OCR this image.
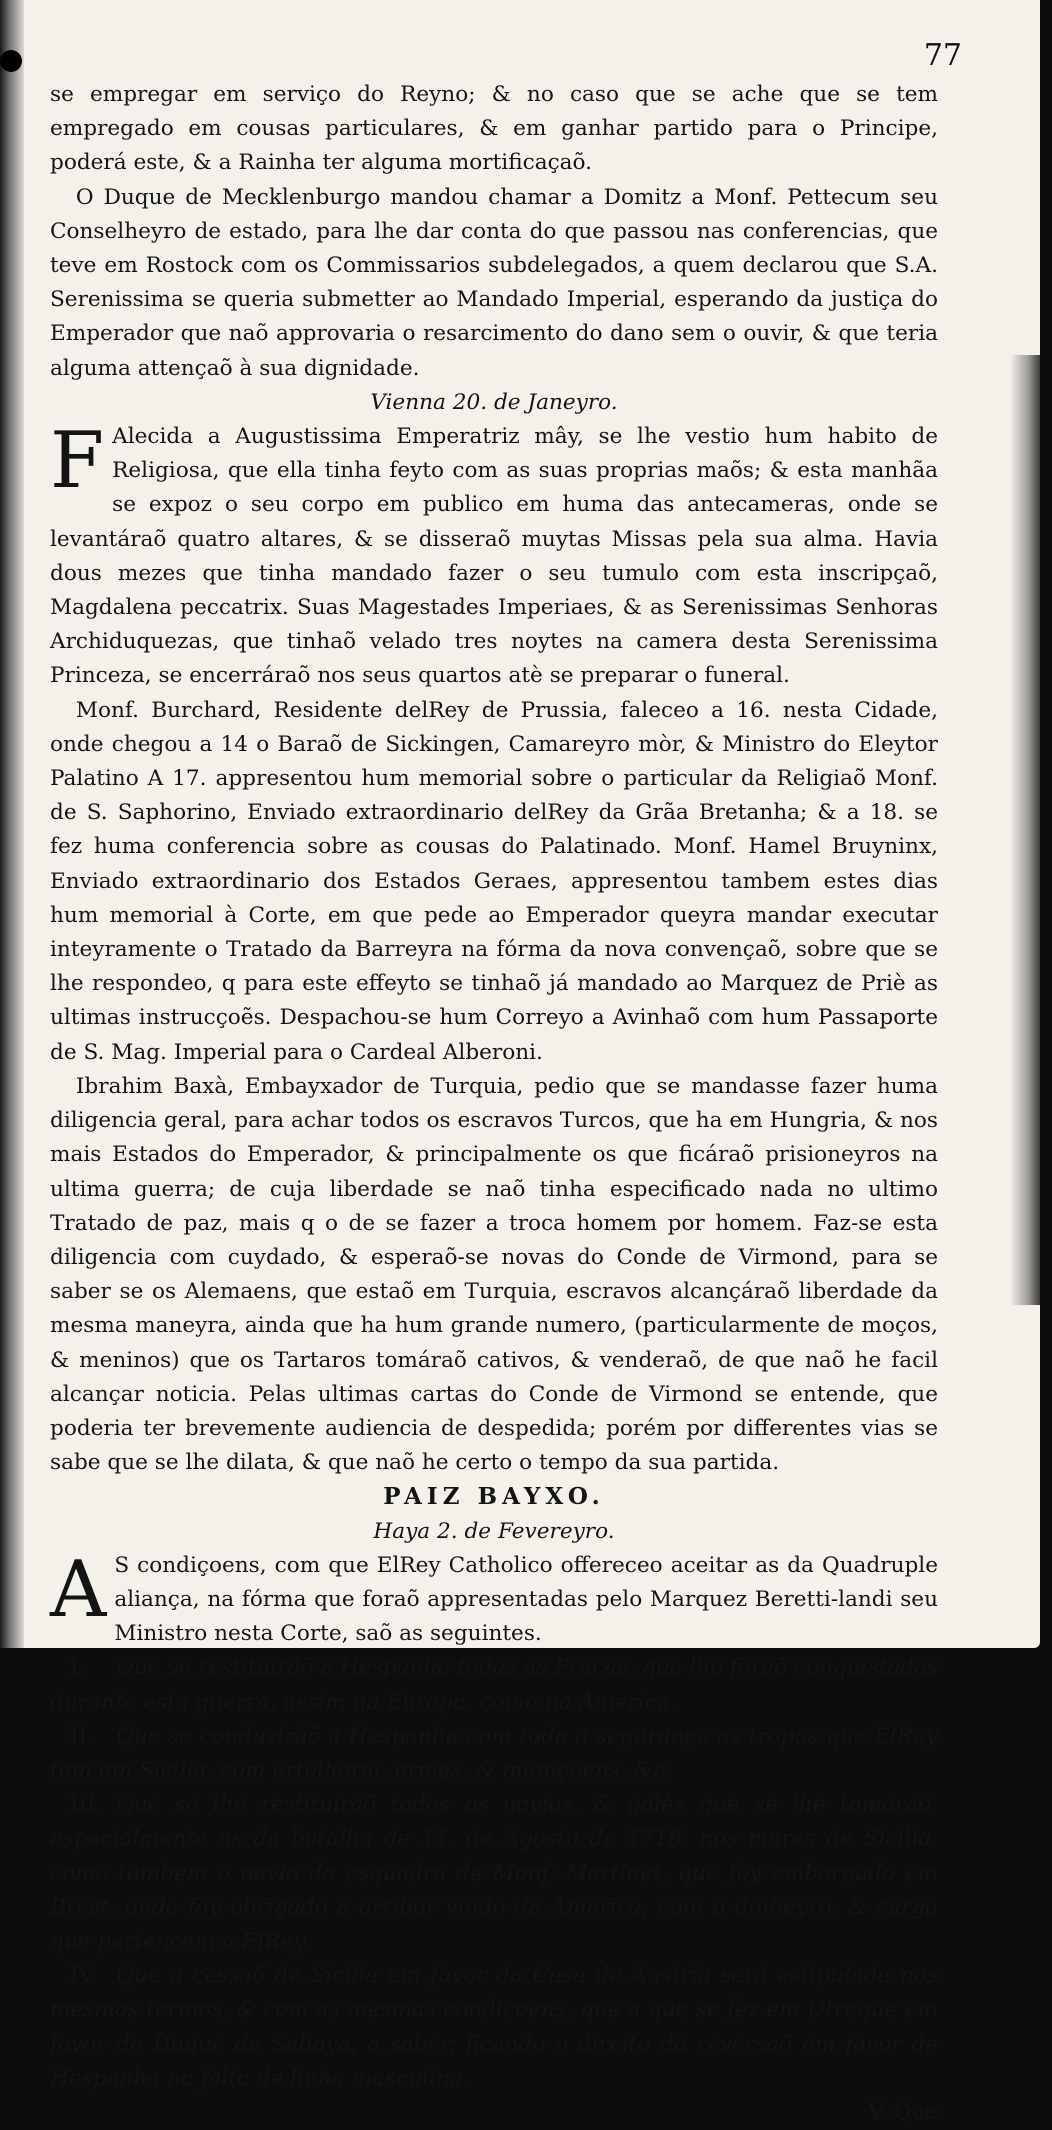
77

se empregar em serviço do Reyno; & no caso que se ache que se tem empregado em cousas particulares, & em ganhar partido para o Principe, poderá este, & a Rainha ter alguma mortificaçaõ.

O Duque de Mecklenburgo mandou chamar a Domitz a Monf. Pettecum seu Conselheyro de estado, para lhe dar conta do que passou nas conferencias, que teve em Rostock com os Commissarios subdelegados, a quem declarou que S.A. Serenissima se queria submetter ao Mandado Imperial, esperando da justiça do Emperador que naõ approvaria o resarcimento do dano sem o ouvir, & que teria alguma attençaõ à sua dignidade.

Vienna 20. de Janeyro.

F Alecida a Augustissima Emperatriz mây, se lhe vestio hum habito de Religiosa, que ella tinha feyto com as suas proprias maõs; & esta manhãa se expoz o seu corpo em publico em huma das antecameras, onde se levantáraõ quatro altares, & se disseraõ muytas Missas pela sua alma. Havia dous mezes que tinha mandado fazer o seu tumulo com esta inscripçaõ, Magdalena peccatrix. Suas Magestades Imperiaes, & as Serenissimas Senhoras Archiduquezas, que tinhaõ velado tres noytes na camera desta Serenissima Princeza, se encerráraõ nos seus quartos atè se preparar o funeral.

Monf. Burchard, Residente delRey de Prussia, faleceo a 16. nesta Cidade, onde chegou a 14 o Baraõ de Sickingen, Camareyro mòr, & Ministro do Eleytor Palatino A 17. appresentou hum memorial sobre o particular da Religiaõ Monf. de S. Saphorino, Enviado extraordinario delRey da Grãa Bretanha; & a 18. se fez huma conferencia sobre as cousas do Palatinado. Monf. Hamel Bruyninx, Enviado extraordinario dos Estados Geraes, appresentou tambem estes dias hum memorial à Corte, em que pede ao Emperador queyra mandar executar inteyramente o Tratado da Barreyra na fórma da nova convençaõ, sobre que se lhe respondeo, q para este effeyto se tinhaõ já mandado ao Marquez de Priè as ultimas instrucçoẽs. Despachou-se hum Correyo a Avinhaõ com hum Passaporte de S. Mag. Imperial para o Cardeal Alberoni.

Ibrahim Baxà, Embayxador de Turquia, pedio que se mandasse fazer huma diligencia geral, para achar todos os escravos Turcos, que ha em Hungria, & nos mais Estados do Emperador, & principalmente os que ficáraõ prisioneyros na ultima guerra; de cuja liberdade se naõ tinha especificado nada no ultimo Tratado de paz, mais q o de se fazer a troca homem por homem. Faz-se esta diligencia com cuydado, & esperaõ-se novas do Conde de Virmond, para se saber se os Alemaens, que estaõ em Turquia, escravos alcançáraõ liberdade da mesma maneyra, ainda que ha hum grande numero, (particularmente de moços, & meninos) que os Tartaros tomáraõ cativos, & venderaõ, de que naõ he facil alcançar noticia. Pelas ultimas cartas do Conde de Virmond se entende, que poderia ter brevemente audiencia de despedida; porém por differentes vias se sabe que se lhe dilata, & que naõ he certo o tempo da sua partida.

PAIZ BAYXO.

Haya 2. de Fevereyro.

A S condiçoens, com que ElRey Catholico offereceo aceitar as da Quadruple aliança, na fórma que foraõ appresentadas pelo Marquez Beretti-landi seu Ministro nesta Corte, saõ as seguintes.

I. Que se restituiráõ a Hespanha todas as Praças, que lhe foraõ conquistadas durante esta guerra, assim na Europa, como na America.

II. Que se conduziráõ a Hespanha com toda a segurança as tropas que ElRey tem em Sicilia, com artelharia, armas, & muniçoens, &c.

III. Que se lhe restituiráõ todos os navios, & galès que se lhe tomáraõ, especialmente os da batalha de 11. de Agosto de 1718. nos mares de Sicilia, como tambem o navio da esquadra de Monf. Martinet, que foy embargado em Brest, onde foy obrigado a arribar vindo da America, com o dinheyro, & carga que pertencem a ElRey.

IV. Que a cessaõ de Sicilia em favor da Casa de Austria será estipulada nos mesmos termos, & com as mesmas condiçoens, que a que se fez em Utreque em favor do Duque de Saboya, a saber, ficando o direito da reversaõ em favor de Hespanha na falta de linha masculina.

V. Que
